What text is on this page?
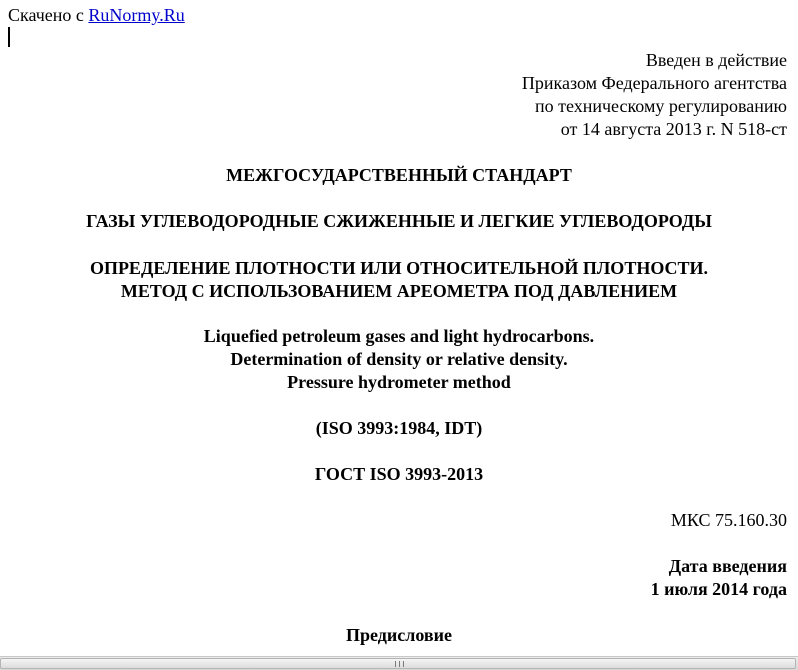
Скачено с RuNormy.Ru
Введен в действие
Приказом Федерального агентства
по техническому регулированию
от 14 августа 2013 г. N 518-ст
МЕЖГОСУДАРСТВЕННЫЙ СТАНДАРТ
ГАЗЫ УГЛЕВОДОРОДНЫЕ СЖИЖЕННЫЕ И ЛЕГКИЕ УГЛЕВОДОРОДЫ
ОПРЕДЕЛЕНИЕ ПЛОТНОСТИ ИЛИ ОТНОСИТЕЛЬНОЙ ПЛОТНОСТИ.
МЕТОД С ИСПОЛЬЗОВАНИЕМ АРЕОМЕТРА ПОД ДАВЛЕНИЕМ
Liquefied petroleum gases and light hydrocarbons.
Determination of density or relative density.
Pressure hydrometer method
(ISO 3993:1984, IDT)
ГОСТ ISO 3993-2013
МКС 75.160.30
Дата введения
1 июля 2014 года
Предисловие
